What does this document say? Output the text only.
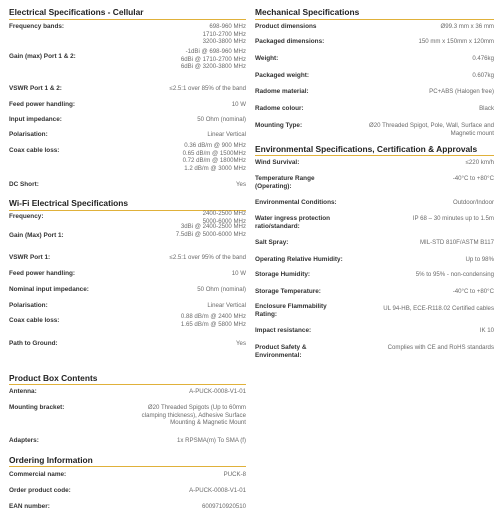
Electrical Specifications - Cellular
Frequency bands:	698-960 MHz
1710-2700 MHz
3200-3800 MHz
Gain (max) Port 1 & 2:
-1dBi @ 698-960 MHz
6dBi @ 1710-2700 MHz
6dBi @ 3200-3800 MHz
VSWR Port 1 & 2:	≤2.5:1 over 85% of the band
Feed power handling:	10 W
Input impedance:	50 Ohm (nominal)
Polarisation:	Linear Vertical
Coax cable loss:
0.36 dB/m @ 900 MHz
0.65 dB/m @ 1500MHz
0.72 dB/m @ 1800MHz
1.2 dB/m @ 3000 MHz
DC Short:	Yes
Wi-Fi Electrical Specifications
Frequency:	2400-2500 MHz
5000-6000 MHz
Gain (Max) Port 1:
3dBi @ 2400-2500 MHz
7.5dBi @ 5000-6000 MHz
VSWR Port 1:	≤2.5:1 over 95% of the band
Feed power handling:	10 W
Nominal input impedance:	50 Ohm (nominal)
Polarisation:	Linear Vertical
Coax cable loss:
0.88 dB/m @ 2400 MHz
1.65 dB/m @ 5800 MHz
Path to Ground:	Yes
Product Box Contents
Antenna:	A-PUCK-0008-V1-01
Mounting bracket:	Ø20 Threaded Spigots (Up to 60mm
clamping thickness), Adhesive Surface
Mounting & Magnetic Mount
Adapters:	1x RPSMA(m) To SMA (f)
Ordering Information
Commercial name:	PUCK-8
Order product code:	A-PUCK-0008-V1-01
EAN number:	6009710920510
Mechanical Specifications
Product dimensions	Ø99.3 mm x 36 mm
Packaged dimensions:	150 mm x 150mm x 120mm
Weight:	0.476kg
Packaged weight:	0.607kg
Radome material:	PC+ABS (Halogen free)
Radome colour:	Black
Mounting Type:	Ø20 Threaded Spigot, Pole, Wall, Surface and
Magnetic mount
Environmental Specifications, Certification & Approvals
Wind Survival:	≤220 km/h
Temperature Range
(Operating):
-40°C to +80°C
Environmental Conditions:	Outdoor/Indoor
Water ingress protection
ratio/standard:
IP 68 – 30 minutes up to 1.5m
Salt Spray:	MIL-STD 810F/ASTM B117
Operating Relative Humidity:	Up to 98%
Storage Humidity:	5% to 95% - non-condensing
Storage Temperature:	-40°C to +80°C
Enclosure Flammability
Rating:
UL 94-HB, ECE-R118.02 Certified cables
Impact resistance:	IK 10
Product Safety &
Environmental:
Complies with CE and RoHS standards
